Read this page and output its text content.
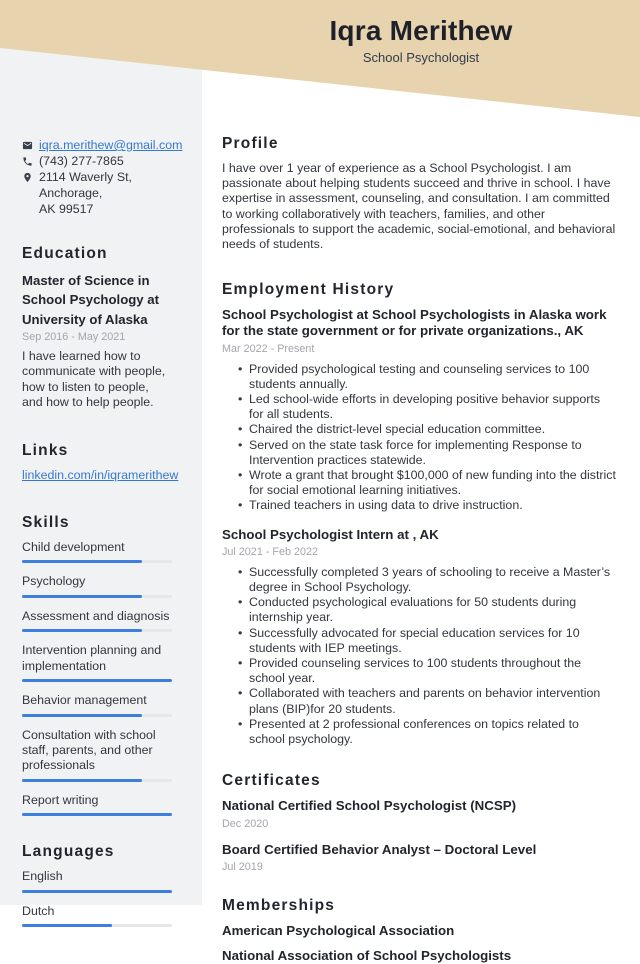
Iqra Merithew
School Psychologist
iqra.merithew@gmail.com
(743) 277-7865
2114 Waverly St, Anchorage,
AK 99517
Education
Master of Science in School Psychology at University of Alaska
Sep 2016 - May 2021
I have learned how to communicate with people, how to listen to people, and how to help people.
Links
linkedin.com/in/iqramerithew
Skills
Child development
Psychology
Assessment and diagnosis
Intervention planning and implementation
Behavior management
Consultation with school staff, parents, and other professionals
Report writing
Languages
English
Dutch
Profile

I have over 1 year of experience as a School Psychologist. I am passionate about helping students succeed and thrive in school. I have expertise in assessment, counseling, and consultation. I am committed to working collaboratively with teachers, families, and other professionals to support the academic, social-emotional, and behavioral needs of students.

Employment History
School Psychologist at School Psychologists in Alaska work for the state government or for private organizations., AK
Mar 2022 - Present
• Provided psychological testing and counseling services to 100 students annually.
• Led school-wide efforts in developing positive behavior supports for all students.
• Chaired the district-level special education committee.
• Served on the state task force for implementing Response to Intervention practices statewide.
• Wrote a grant that brought $100,000 of new funding into the district for social emotional learning initiatives.
• Trained teachers in using data to drive instruction.
School Psychologist Intern at , AK
Jul 2021 - Feb 2022
• Successfully completed 3 years of schooling to receive a Master’s degree in School Psychology.
• Conducted psychological evaluations for 50 students during internship year.
• Successfully advocated for special education services for 10 students with IEP meetings.
• Provided counseling services to 100 students throughout the school year.
• Collaborated with teachers and parents on behavior intervention plans (BIP)for 20 students.
• Presented at 2 professional conferences on topics related to school psychology.
Certificates
National Certified School Psychologist (NCSP)
Dec 2020
Board Certified Behavior Analyst – Doctoral Level
Jul 2019
Memberships
American Psychological Association
National Association of School Psychologists
